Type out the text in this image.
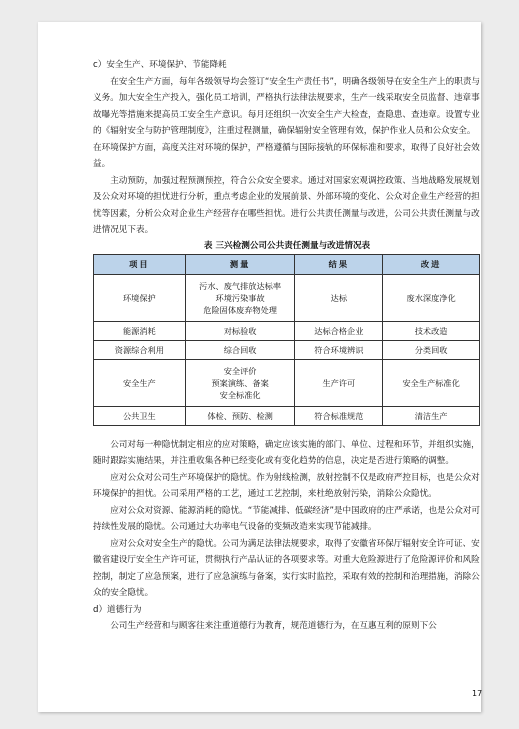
c）安全生产、环境保护、节能降耗

在安全生产方面，每年各级领导均会签订“安全生产责任书”，明确各级领导在安全生产上的职责与义务。加大安全生产投入，强化员工培训，严格执行法律法规要求，生产一线采取安全员监督、违章事故曝光等措施来提高员工安全生产意识。每月还组织一次安全生产大检查，查隐患、查违章。设置专业的《辐射安全与防护管理制度》，注重过程测量，确保辐射安全管理有效，保护作业人员和公众安全。在环境保护方面，高度关注对环境的保护，严格遵循与国际接轨的环保标准和要求，取得了良好社会效益。

主动预防，加强过程预测预控，符合公众安全要求。通过对国家宏观调控政策、当地战略发展规划及公众对环境的担忧进行分析，重点考虑企业的发展前景、外部环境的变化、公众对企业生产经营的担忧等因素，分析公众对企业生产经营存在哪些担忧。进行公共责任测量与改进，公司公共责任测量与改进情况见下表。

表 三兴检测公司公共责任测量与改进情况表

项目	测量	结果	改进
环境保护	污水、废气排放达标率
环境污染事故
危险固体废弃物处理	达标	废水深度净化
能源消耗	对标验收	达标合格企业	技术改造
资源综合利用	综合回收	符合环境辨识	分类回收
安全生产	安全评价
预案演练、备案
安全标准化	生产许可	安全生产标准化
公共卫生	体检、预防、检测	符合标准规范	清洁生产

公司对每一种隐忧制定相应的应对策略，确定应该实施的部门、单位、过程和环节，并组织实施，随时跟踪实施结果，并注重收集各种已经变化或有变化趋势的信息，决定是否进行策略的调整。

应对公众对公司生产环境保护的隐忧。作为射线检测，放射控制不仅是政府严控目标，也是公众对环境保护的担忧。公司采用严格的工艺，通过工艺控制，来杜绝放射污染，消除公众隐忧。

应对公众对资源、能源消耗的隐忧。“节能减排、低碳经济”是中国政府的庄严承诺，也是公众对可持续性发展的隐忧。公司通过大功率电气设备的变频改造来实现节能减排。

应对公众对安全生产的隐忧。公司为满足法律法规要求，取得了安徽省环保厅辐射安全许可证、安徽省建设厅安全生产许可证，贯彻执行产品认证的各项要求等。对重大危险源进行了危险源评价和风险控制，制定了应急预案，进行了应急演练与备案，实行实时监控，采取有效的控制和治理措施，消除公众的安全隐忧。

d）道德行为

公司生产经营和与顾客往来注重道德行为教育，规范道德行为，在互惠互利的原则下公

17
